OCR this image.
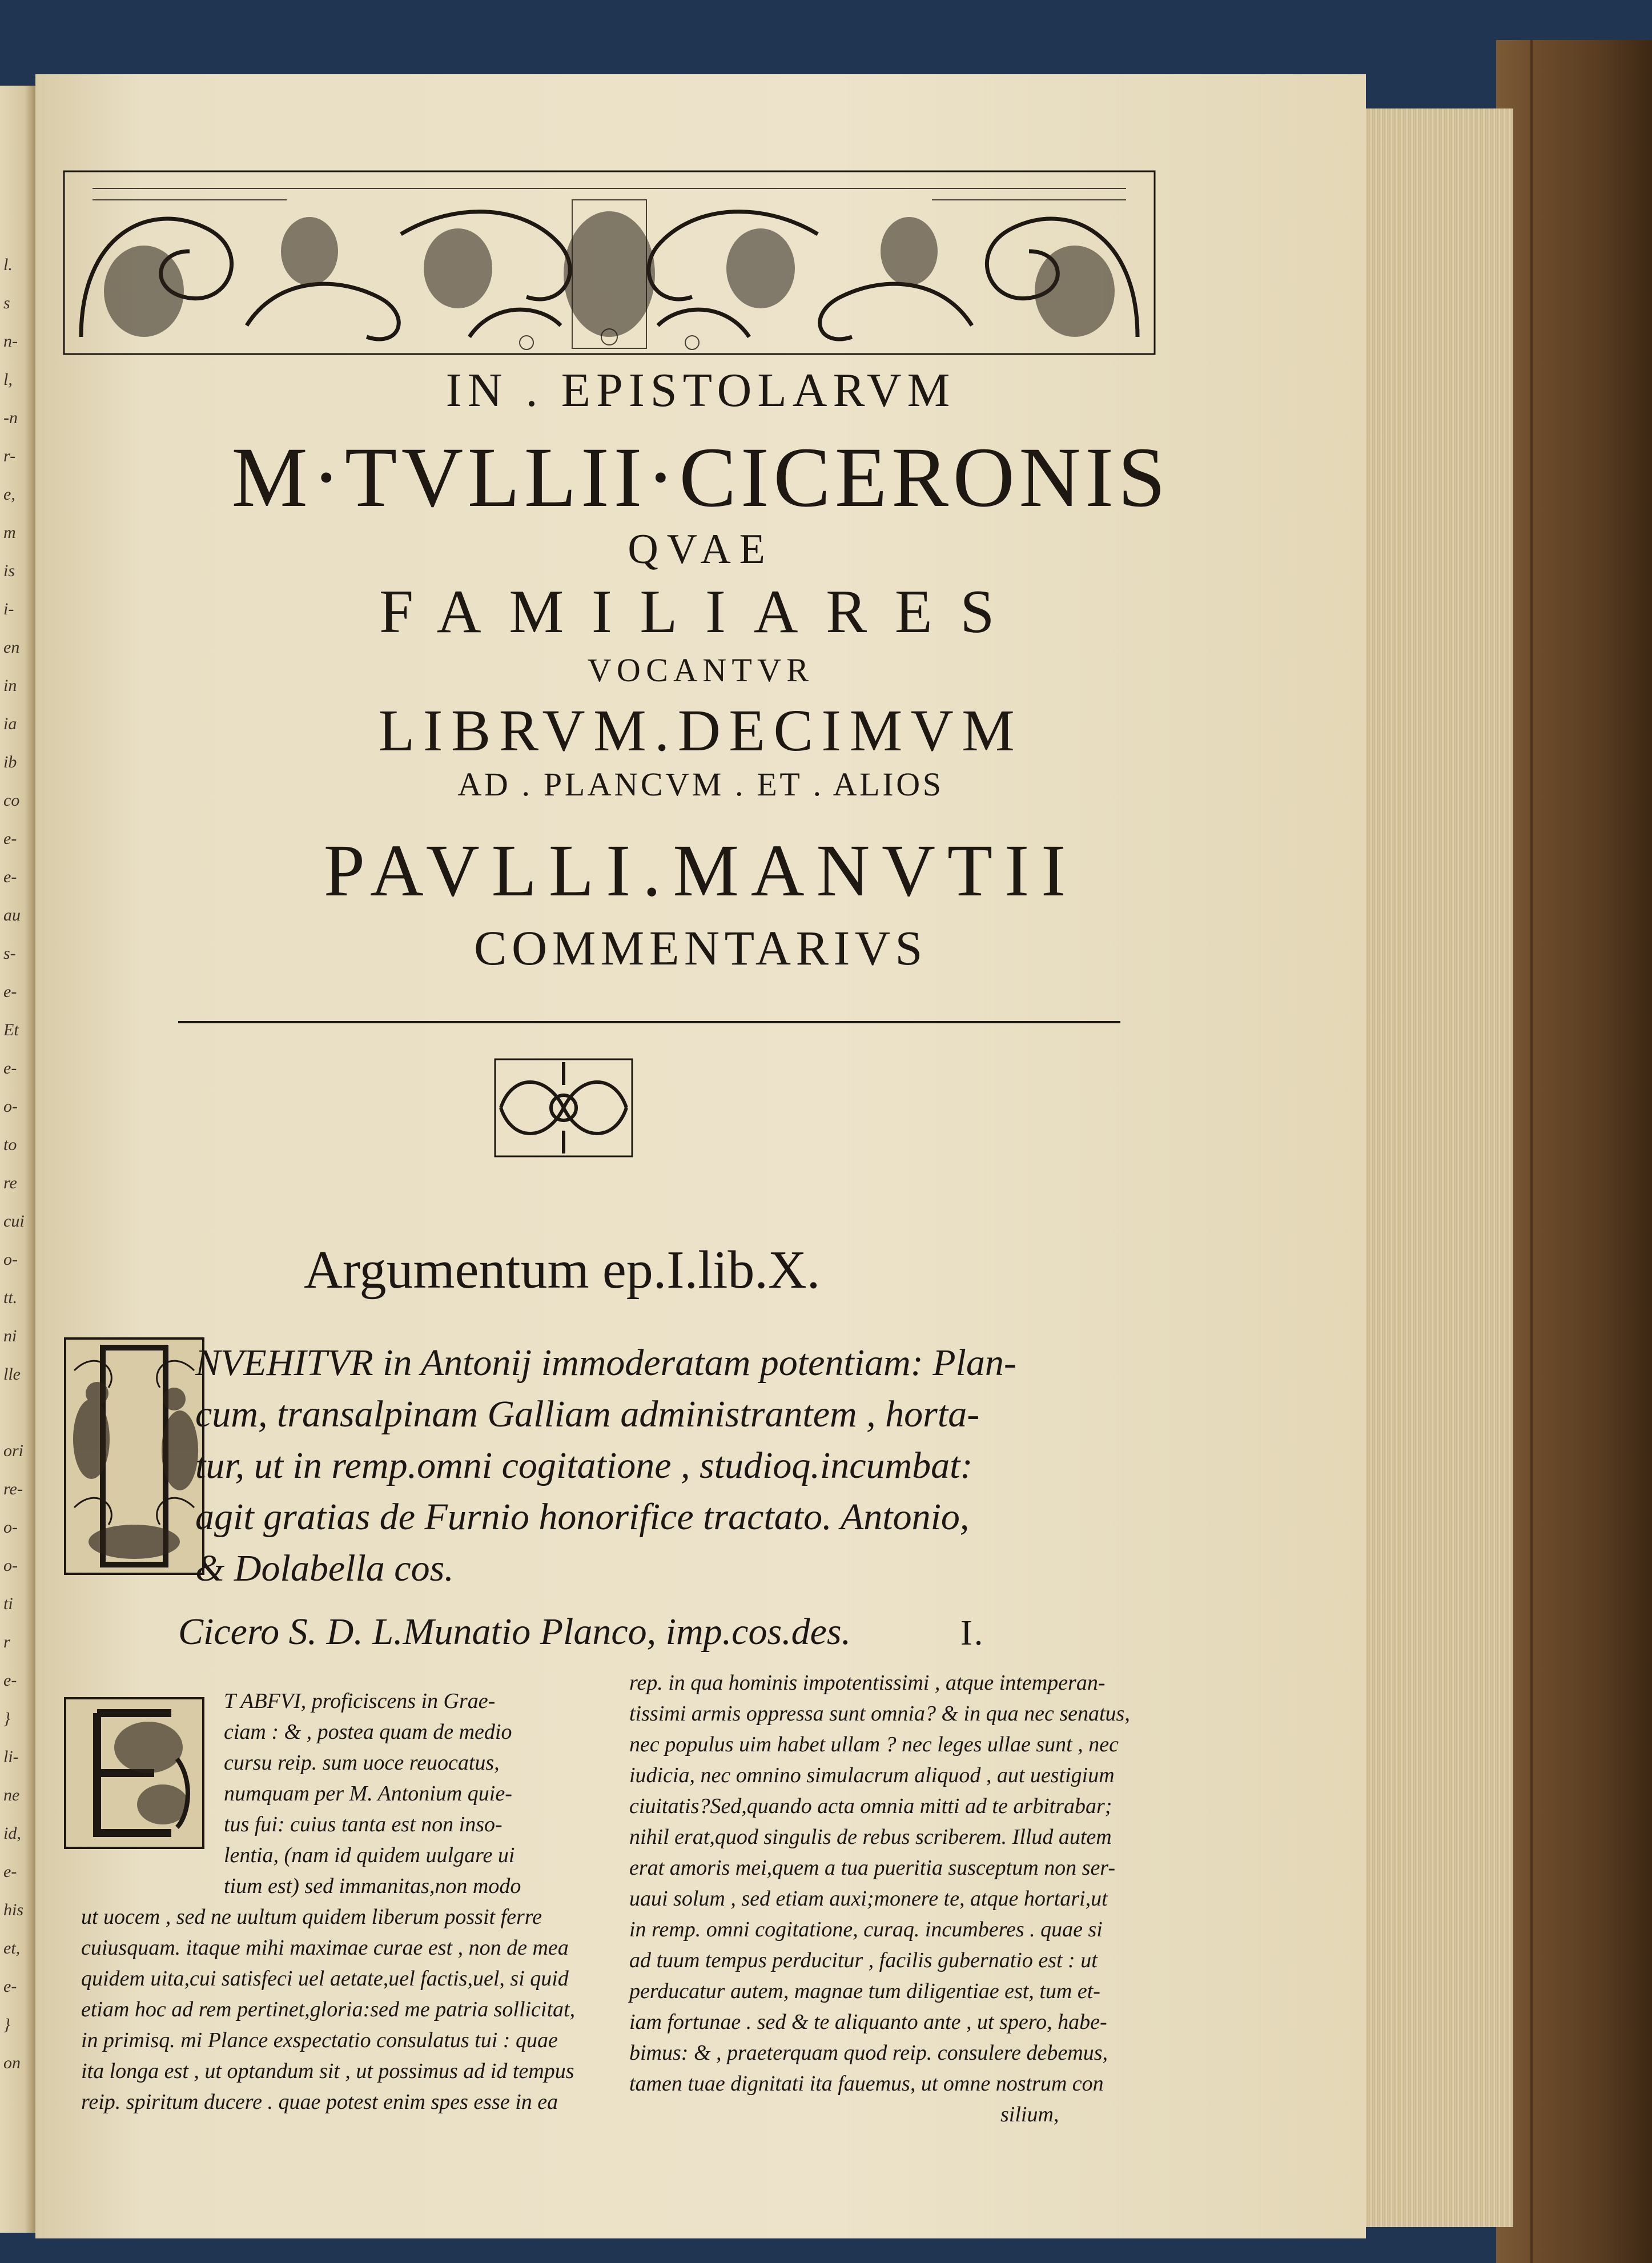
l.
s
n-
l,
-n
r-
e,
m
is
i-
en
in
ia
ib
co
e-
e-
au
s-
e-
Et
e-
o-
to
re
cui
o-
tt.
ni
lle

ori
re-
o-
o-
ti
r
e-
}
li-
ne
id,
e-
his
et,
e-
}
on
IN . EPISTOLARVM
M·TVLLII·CICERONIS
QVAE
FAMILIARES
VOCANTVR
LIBRVM.DECIMVM
AD . PLANCVM . ET . ALIOS
PAVLLI.MANVTII
COMMENTARIVS
Argumentum ep.I.lib.X.
NVEHITVR in Antonij immoderatam potentiam: Plan-
cum, transalpinam Galliam administrantem , horta-
tur, ut in remp.omni cogitatione , studioq.incumbat:
agit gratias de Furnio honorifice tractato. Antonio,
& Dolabella cos.
Cicero S. D. L.Munatio Planco, imp.cos.des.	I.
T ABFVI, proficiscens in Grae-
ciam : & , postea quam de medio
cursu reip. sum uoce reuocatus,
numquam per M. Antonium quie-
tus fui: cuius tanta est non inso-
lentia, (nam id quidem uulgare ui
tium est) sed immanitas,non modo
ut uocem , sed ne uultum quidem liberum possit ferre
cuiusquam. itaque mihi maximae curae est , non de mea
quidem uita,cui satisfeci uel aetate,uel factis,uel, si quid
etiam hoc ad rem pertinet,gloria:sed me patria sollicitat,
in primisq. mi Plance exspectatio consulatus tui : quae
ita longa est , ut optandum sit , ut possimus ad id tempus
reip. spiritum ducere . quae potest enim spes esse in ea
rep. in qua hominis impotentissimi , atque intemperan-
tissimi armis oppressa sunt omnia? & in qua nec senatus,
nec populus uim habet ullam ? nec leges ullae sunt , nec
iudicia, nec omnino simulacrum aliquod , aut uestigium
ciuitatis?Sed,quando acta omnia mitti ad te arbitrabar;
nihil erat,quod singulis de rebus scriberem. Illud autem
erat amoris mei,quem a tua pueritia susceptum non ser-
uaui solum , sed etiam auxi;monere te, atque hortari,ut
in remp. omni cogitatione, curaq. incumberes . quae si
ad tuum tempus perducitur , facilis gubernatio est : ut
perducatur autem, magnae tum diligentiae est, tum et-
iam fortunae . sed & te aliquanto ante , ut spero, habe-
bimus: & , praeterquam quod reip. consulere debemus,
tamen tuae dignitati ita fauemus, ut omne nostrum con
silium,
